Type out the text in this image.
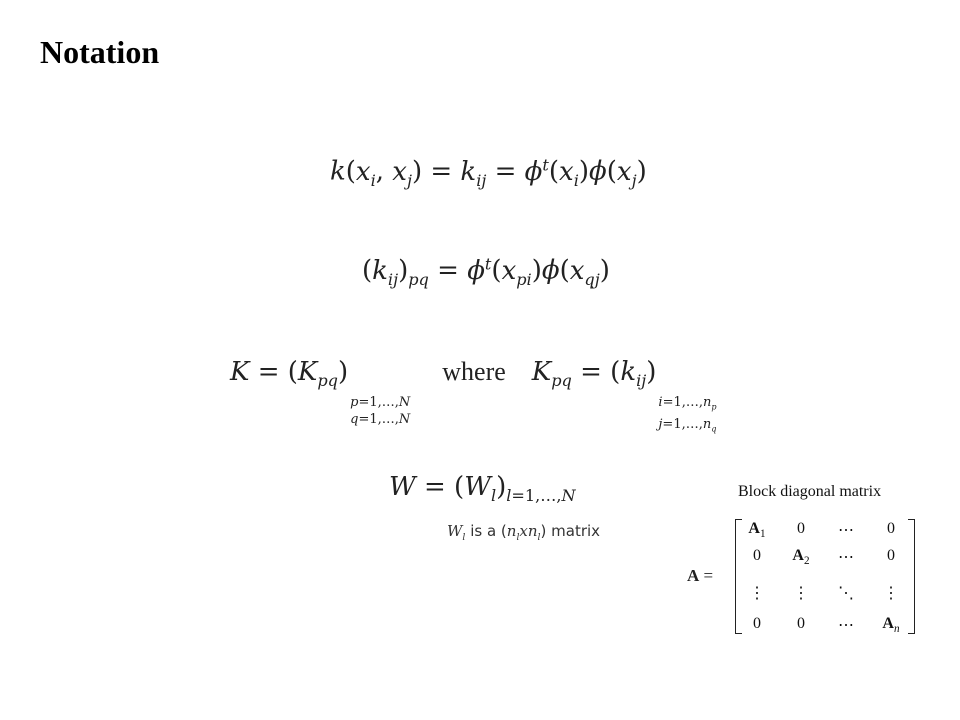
Notation
$k(x_i$, $x_j) = k_{ij} = \phi^t(x_i)\phi(x_j)$
$(k_{ij})_{pq} = \phi^t(x_{pi})\phi(x_{qj})$
$K = (K_{pq})$
p=1,…,N
q=1,…,N
where $K_{pq} = (k_{ij})$
$i=1,\dots,n_p$
$j=1,\dots,n_q$
$W = (W_l)_{l=1,\dots,N}$
$W_l$ is a $(n_lxn_l)$ matrix
Block diagonal matrix
A =
$A_1$	0	⋯	0
0	$A_2$	⋯	0
⋮	⋮	⋱	⋮
0	0	⋯	$A_n$
